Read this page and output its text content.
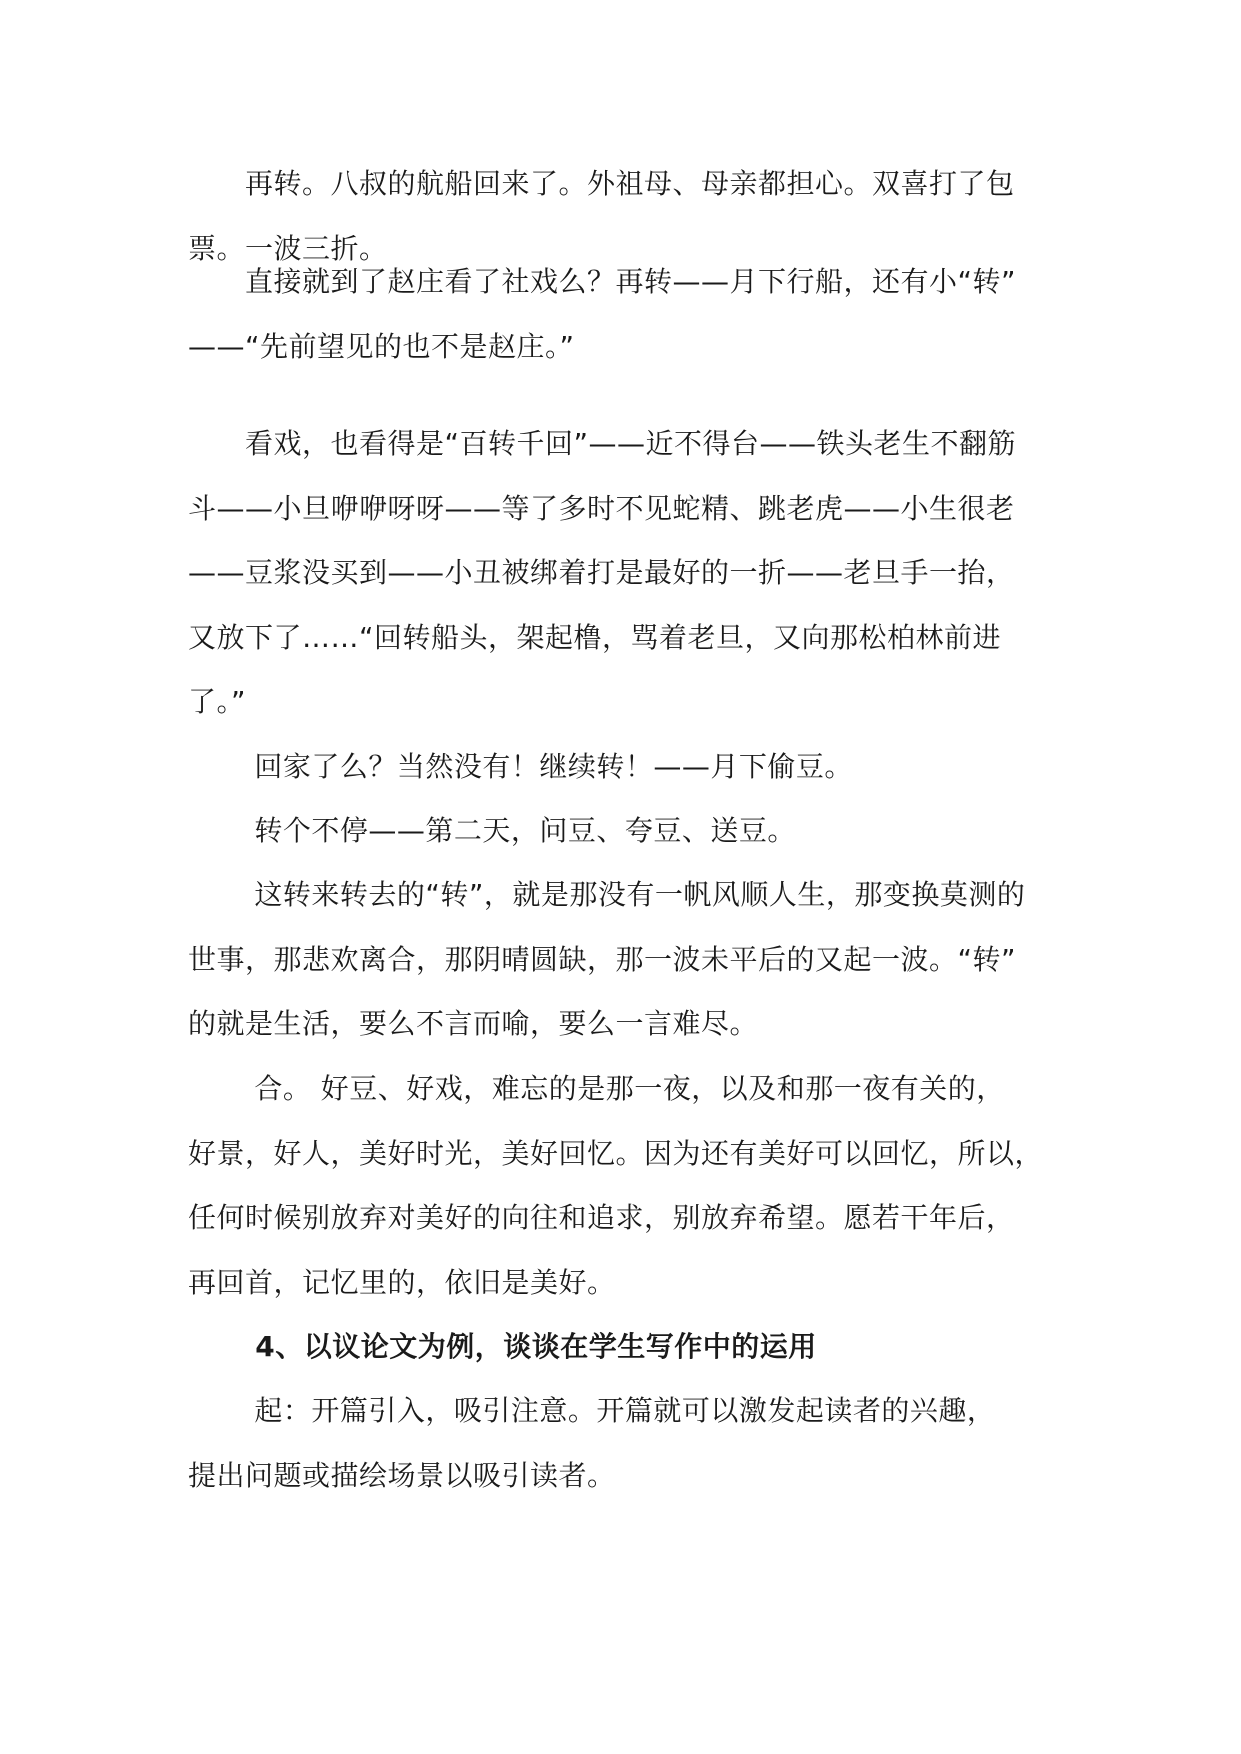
　　再转。八叔的航船回来了。外祖母、母亲都担心。双喜打了包
票。一波三折。
　　直接就到了赵庄看了社戏么？再转——月下行船，还有小“转”
——“先前望见的也不是赵庄。”
　　看戏，也看得是“百转千回”——近不得台——铁头老生不翻筋
斗——小旦咿咿呀呀——等了多时不见蛇精、跳老虎——小生很老
——豆浆没买到——小丑被绑着打是最好的一折——老旦手一抬，
又放下了……“回转船头，架起橹，骂着老旦，又向那松柏林前进
了。”
　　 回家了么？当然没有！继续转！——月下偷豆。
　　 转个不停——第二天，问豆、夸豆、送豆。
　　 这转来转去的“转”，就是那没有一帆风顺人生，那变换莫测的
世事，那悲欢离合，那阴晴圆缺，那一波未平后的又起一波。“转”
的就是生活，要么不言而喻，要么一言难尽。
　　 合。 好豆、好戏，难忘的是那一夜，以及和那一夜有关的，
好景，好人，美好时光，美好回忆。因为还有美好可以回忆，所以，
任何时候别放弃对美好的向往和追求，别放弃希望。愿若干年后，
再回首，记忆里的，依旧是美好。
　　 4、以议论文为例，谈谈在学生写作中的运用
　　 起：开篇引入，吸引注意。开篇就可以激发起读者的兴趣，
提出问题或描绘场景以吸引读者。
